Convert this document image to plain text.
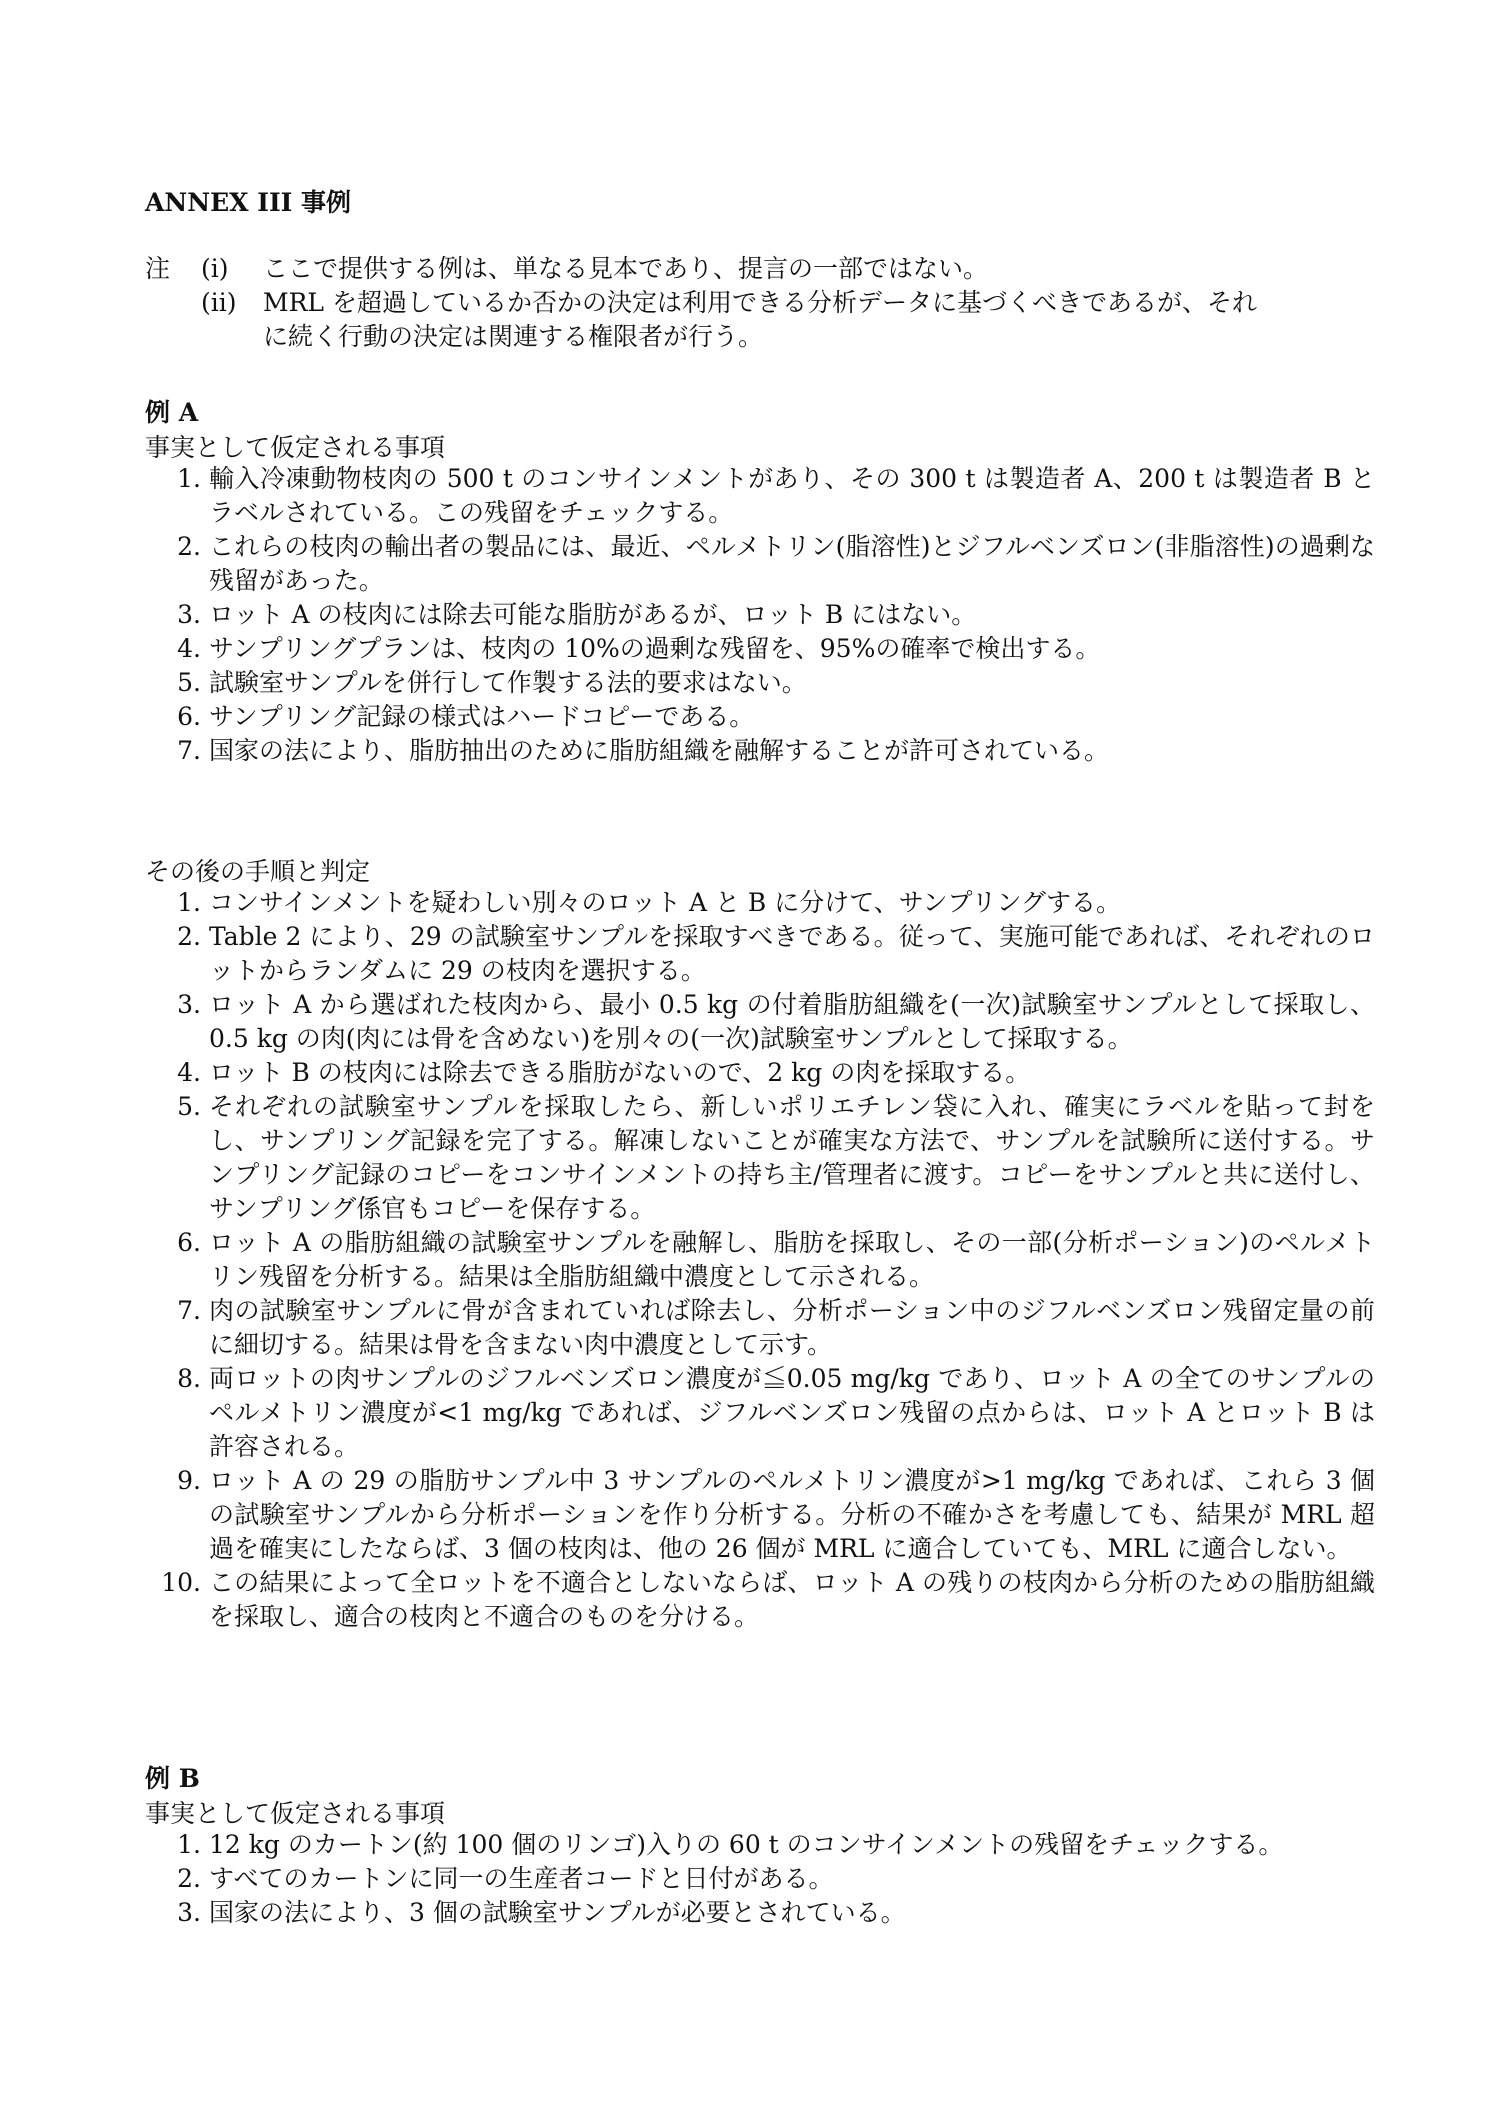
ANNEX III 事例
注	(i)	ここで提供する例は、単なる見本であり、提言の一部ではない。
(ii)	MRL を超過しているか否かの決定は利用できる分析データに基づくべきであるが、それ
に続く行動の決定は関連する権限者が行う。
例 A
事実として仮定される事項
1. 輸入冷凍動物枝肉の 500 t のコンサインメントがあり、その 300 t は製造者 A、200 t は製造者 B とラベルされている。この残留をチェックする。
2. これらの枝肉の輸出者の製品には、最近、ペルメトリン(脂溶性)とジフルベンズロン(非脂溶性)の過剰な残留があった。
3. ロット A の枝肉には除去可能な脂肪があるが、ロット B にはない。
4. サンプリングプランは、枝肉の 10%の過剰な残留を、95%の確率で検出する。
5. 試験室サンプルを併行して作製する法的要求はない。
6. サンプリング記録の様式はハードコピーである。
7. 国家の法により、脂肪抽出のために脂肪組織を融解することが許可されている。
その後の手順と判定
1. コンサインメントを疑わしい別々のロット A と B に分けて、サンプリングする。
2. Table 2 により、29 の試験室サンプルを採取すべきである。従って、実施可能であれば、それぞれのロットからランダムに 29 の枝肉を選択する。
3. ロット A から選ばれた枝肉から、最小 0.5 kg の付着脂肪組織を(一次)試験室サンプルとして採取し、0.5 kg の肉(肉には骨を含めない)を別々の(一次)試験室サンプルとして採取する。
4. ロット B の枝肉には除去できる脂肪がないので、2 kg の肉を採取する。
5. それぞれの試験室サンプルを採取したら、新しいポリエチレン袋に入れ、確実にラベルを貼って封をし、サンプリング記録を完了する。解凍しないことが確実な方法で、サンプルを試験所に送付する。サンプリング記録のコピーをコンサインメントの持ち主/管理者に渡す。コピーをサンプルと共に送付し、サンプリング係官もコピーを保存する。
6. ロット A の脂肪組織の試験室サンプルを融解し、脂肪を採取し、その一部(分析ポーション)のペルメトリン残留を分析する。結果は全脂肪組織中濃度として示される。
7. 肉の試験室サンプルに骨が含まれていれば除去し、分析ポーション中のジフルベンズロン残留定量の前に細切する。結果は骨を含まない肉中濃度として示す。
8. 両ロットの肉サンプルのジフルベンズロン濃度が≦0.05 mg/kg であり、ロット A の全てのサンプルのペルメトリン濃度が<1 mg/kg であれば、ジフルベンズロン残留の点からは、ロット A とロット B は許容される。
9. ロット A の 29 の脂肪サンプル中 3 サンプルのペルメトリン濃度が>1 mg/kg であれば、これら 3 個の試験室サンプルから分析ポーションを作り分析する。分析の不確かさを考慮しても、結果が MRL 超過を確実にしたならば、3 個の枝肉は、他の 26 個が MRL に適合していても、MRL に適合しない。
10. この結果によって全ロットを不適合としないならば、ロット A の残りの枝肉から分析のための脂肪組織を採取し、適合の枝肉と不適合のものを分ける。
例 B
事実として仮定される事項
1. 12 kg のカートン(約 100 個のリンゴ)入りの 60 t のコンサインメントの残留をチェックする。
2. すべてのカートンに同一の生産者コードと日付がある。
3. 国家の法により、3 個の試験室サンプルが必要とされている。
